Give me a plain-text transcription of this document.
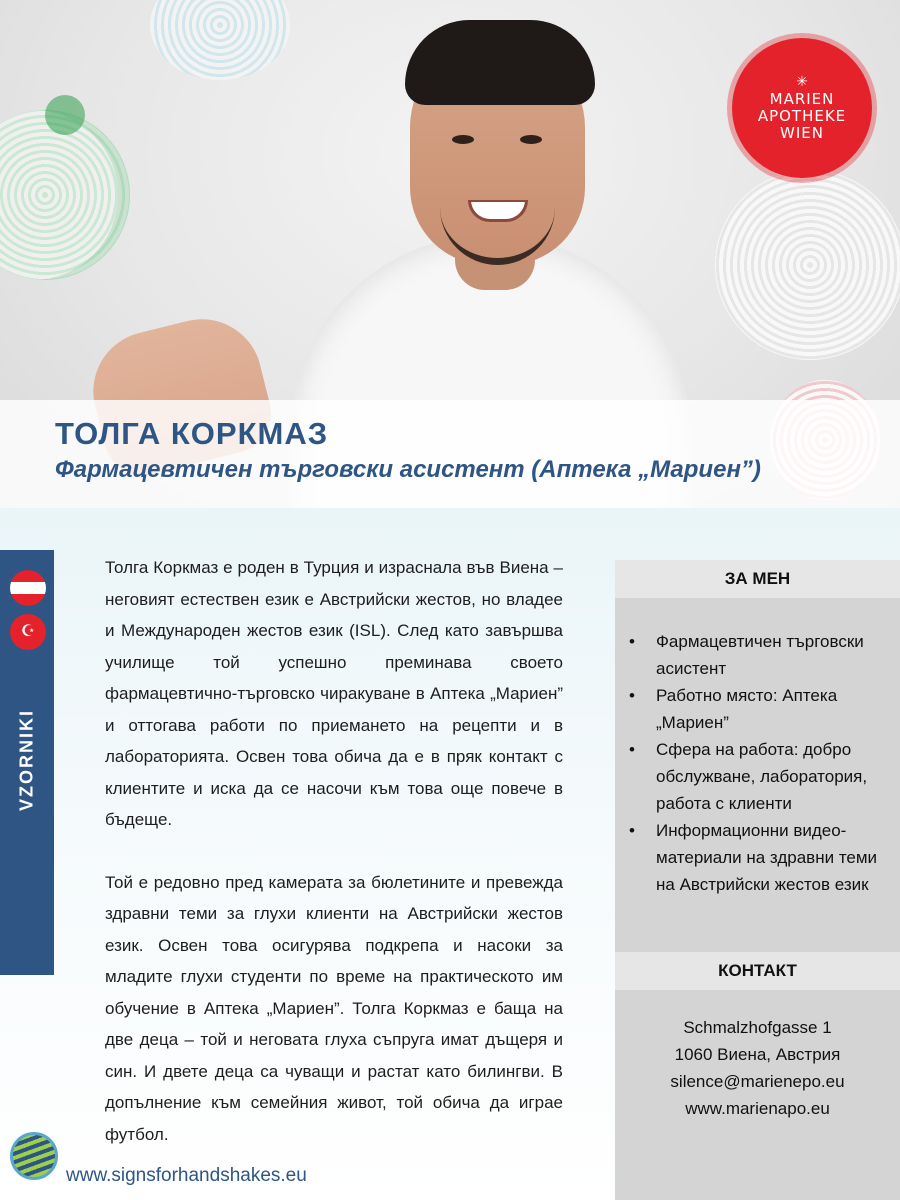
✳
MARIEN
APOTHEKE
WIEN
ТОЛГА КОРКМАЗ
Фармацевтичен търговски асистент (Аптека „Мариен”)
☪
VZORNIKI

Толга Коркмаз е роден в Турция и израснала във Виена – неговият естествен език е Австрийски жестов, но владее и Международен жестов език (ISL). След като завършва училище той успешно преминава своето фармацевтично-търговско чиракуване в Аптека „Мариен” и оттогава работи по приемането на рецепти и в лабораторията. Освен това обича да е в пряк контакт с клиентите и иска да се насочи към това още повече в бъдеще.

Той е редовно пред камерата за бюлетините и превежда здравни теми за глухи клиенти на Австрийски жестов език. Освен това осигурява подкрепа и насоки за младите глухи студенти по време на практическото им обучение в Аптека „Мариен”. Толга Коркмаз е баща на две деца – той и неговата глуха съпруга имат дъщеря и син. И двете деца са чуващи и растат като билингви. В допълнение към семейния живот, той обича да играе футбол.

ЗА МЕН
• Фармацевтичен търговски асистент
• Работно място: Аптека „Мариен”
• Сфера на работа: добро обслужване, лаборатория, работа с клиенти
• Информационни видео-материали на здравни теми на Австрийски жестов език
КОНТАКТ
Schmalzhofgasse 1
1060 Виена, Австрия
silence@marienepo.eu
www.marienapo.eu
www.signsforhandshakes.eu
